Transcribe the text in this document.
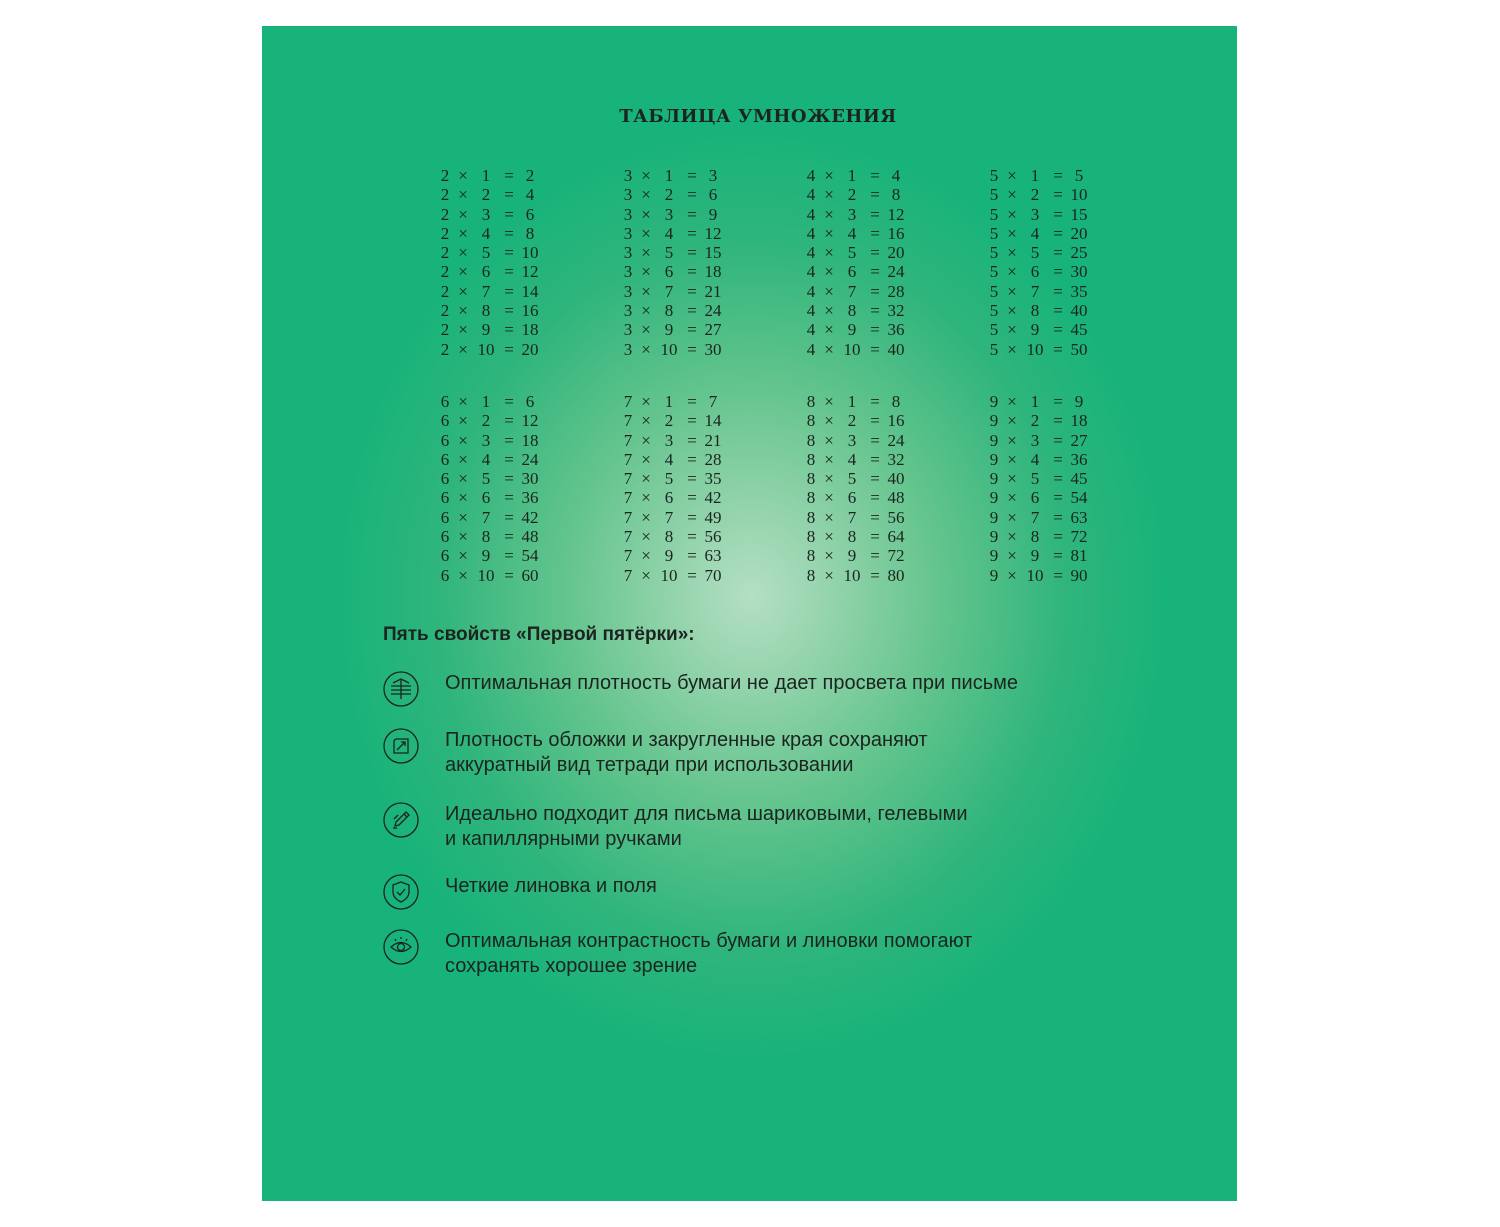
ТАБЛИЦА УМНОЖЕНИЯ
2 × 1 = 2
2 × 2 = 4
2 × 3 = 6
2 × 4 = 8
2 × 5 = 10
2 × 6 = 12
2 × 7 = 14
2 × 8 = 16
2 × 9 = 18
2 × 10 = 20
3 × 1 = 3
3 × 2 = 6
3 × 3 = 9
3 × 4 = 12
3 × 5 = 15
3 × 6 = 18
3 × 7 = 21
3 × 8 = 24
3 × 9 = 27
3 × 10 = 30
4 × 1 = 4
4 × 2 = 8
4 × 3 = 12
4 × 4 = 16
4 × 5 = 20
4 × 6 = 24
4 × 7 = 28
4 × 8 = 32
4 × 9 = 36
4 × 10 = 40
5 × 1 = 5
5 × 2 = 10
5 × 3 = 15
5 × 4 = 20
5 × 5 = 25
5 × 6 = 30
5 × 7 = 35
5 × 8 = 40
5 × 9 = 45
5 × 10 = 50
6 × 1 = 6
6 × 2 = 12
6 × 3 = 18
6 × 4 = 24
6 × 5 = 30
6 × 6 = 36
6 × 7 = 42
6 × 8 = 48
6 × 9 = 54
6 × 10 = 60
7 × 1 = 7
7 × 2 = 14
7 × 3 = 21
7 × 4 = 28
7 × 5 = 35
7 × 6 = 42
7 × 7 = 49
7 × 8 = 56
7 × 9 = 63
7 × 10 = 70
8 × 1 = 8
8 × 2 = 16
8 × 3 = 24
8 × 4 = 32
8 × 5 = 40
8 × 6 = 48
8 × 7 = 56
8 × 8 = 64
8 × 9 = 72
8 × 10 = 80
9 × 1 = 9
9 × 2 = 18
9 × 3 = 27
9 × 4 = 36
9 × 5 = 45
9 × 6 = 54
9 × 7 = 63
9 × 8 = 72
9 × 9 = 81
9 × 10 = 90
Пять свойств «Первой пятёрки»:
Оптимальная плотность бумаги не дает просвета при письме
Плотность обложки и закругленные края сохраняют
аккуратный вид тетради при использовании
Идеально подходит для письма шариковыми, гелевыми
и капиллярными ручками
Четкие линовка и поля
Оптимальная контрастность бумаги и линовки помогают
сохранять хорошее зрение
